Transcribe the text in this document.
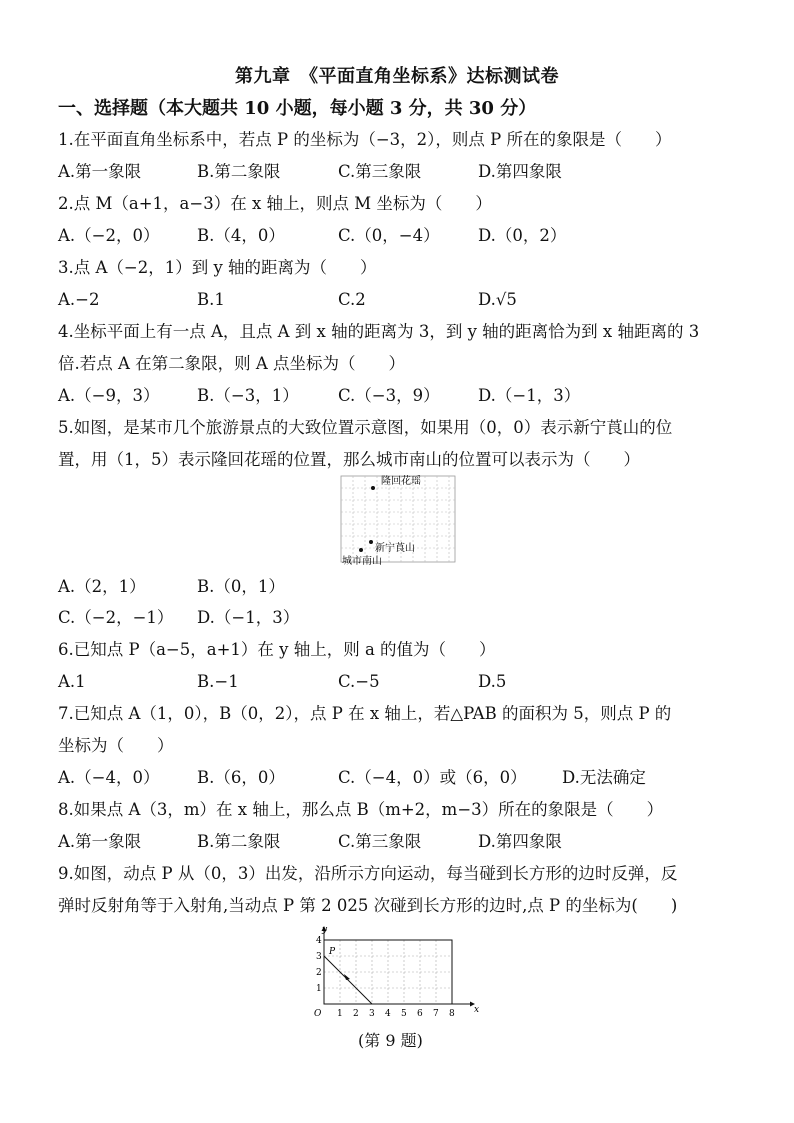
第九章　《平面直角坐标系》达标测试卷
一、选择题（本大题共 10 小题，每小题 3 分，共 30 分）
1.在平面直角坐标系中，若点 P 的坐标为（−3，2），则点 P 所在的象限是（　　）
A.第一象限	B.第二象限	C.第三象限	D.第四象限
2.点 M（a+1，a−3）在 x 轴上，则点 M 坐标为（　　）
A.（−2，0） B.（4，0）	C.（0，−4） D.（0，2）
3.点 A（−2，1）到 y 轴的距离为（　　）
A.−2	B.1	C.2	D.√5
4.坐标平面上有一点 A，且点 A 到 x 轴的距离为 3，到 y 轴的距离恰为到 x 轴距离的 3
倍.若点 A 在第二象限，则 A 点坐标为（　　）
A.（−9，3） B.（−3，1） C.（−3，9） D.（−1，3）
5.如图，是某市几个旅游景点的大致位置示意图，如果用（0，0）表示新宁莨山的位
置，用（1，5）表示隆回花瑶的位置，那么城市南山的位置可以表示为（　　）
隆回花瑶
新宁莨山
城市南山
A.（2，1）	B.（0，1）
C.（−2，−1） D.（−1，3）
6.已知点 P（a−5，a+1）在 y 轴上，则 a 的值为（　　）
A.1	B.−1	C.−5	D.5
7.已知点 A（1，0），B（0，2），点 P 在 x 轴上，若△PAB 的面积为 5，则点 P 的
坐标为（　　）
A.（−4，0） B.（6，0）	C.（−4，0）或（6，0） D.无法确定
8.如果点 A（3，m）在 x 轴上，那么点 B（m+2，m−3）所在的象限是（　　）
A.第一象限	B.第二象限	C.第三象限	D.第四象限
9.如图，动点 P 从（0，3）出发，沿所示方向运动，每当碰到长方形的边时反弹，反
弹时反射角等于入射角,当动点 P 第 2 025 次碰到长方形的边时,点 P 的坐标为(　　)
y
x
O
1
2
3
4
1 2 3 4 5 6 7 8
P
(第 9 题)
